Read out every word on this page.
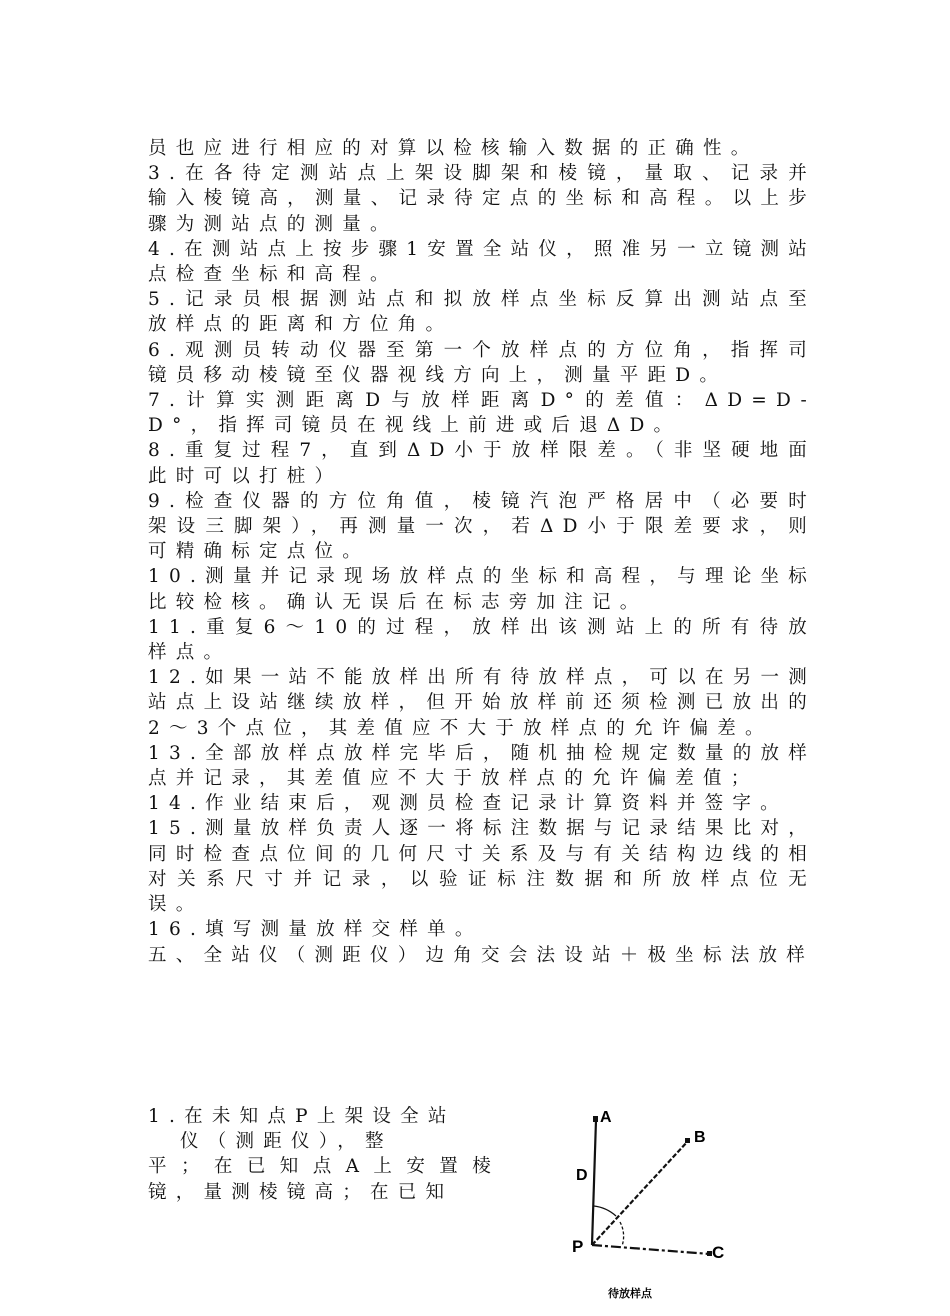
员也应进行相应的对算以检核输入数据的正确性。

3.在各待定测站点上架设脚架和棱镜，量取、记录并输入棱镜高，测量、记录待定点的坐标和高程。以上步骤为测站点的测量。

4.在测站点上按步骤1安置全站仪，照准另一立镜测站点检查坐标和高程。

5.记录员根据测站点和拟放样点坐标反算出测站点至放样点的距离和方位角。

6.观测员转动仪器至第一个放样点的方位角，指挥司镜员移动棱镜至仪器视线方向上，测量平距D。

7.计算实测距离D与放样距离D°的差值：ΔD=D-D°，指挥司镜员在视线上前进或后退ΔD。

8.重复过程7，直到ΔD小于放样限差。（非坚硬地面此时可以打桩）

9.检查仪器的方位角值，棱镜汽泡严格居中（必要时架设三脚架），再测量一次，若ΔD小于限差要求，则可精确标定点位。

10.测量并记录现场放样点的坐标和高程，与理论坐标比较检核。确认无误后在标志旁加注记。

11.重复6～10的过程，放样出该测站上的所有待放样点。

12.如果一站不能放样出所有待放样点，可以在另一测站点上设站继续放样，但开始放样前还须检测已放出的2～3个点位，其差值应不大于放样点的允许偏差。

13.全部放样点放样完毕后，随机抽检规定数量的放样点并记录，其差值应不大于放样点的允许偏差值；

14.作业结束后，观测员检查记录计算资料并签字。

15.测量放样负责人逐一将标注数据与记录结果比对，同时检查点位间的几何尺寸关系及与有关结构边线的相对关系尺寸并记录，以验证标注数据和所放样点位无误。

16.填写测量放样交样单。

五、全站仪（测距仪）边角交会法设站＋极坐标法放样

1.在未知点P上架设全站

仪（测距仪），整

平；在已知点A上安置棱镜，量测棱镜高；在已知

A
B
C
P
D
待放样点
